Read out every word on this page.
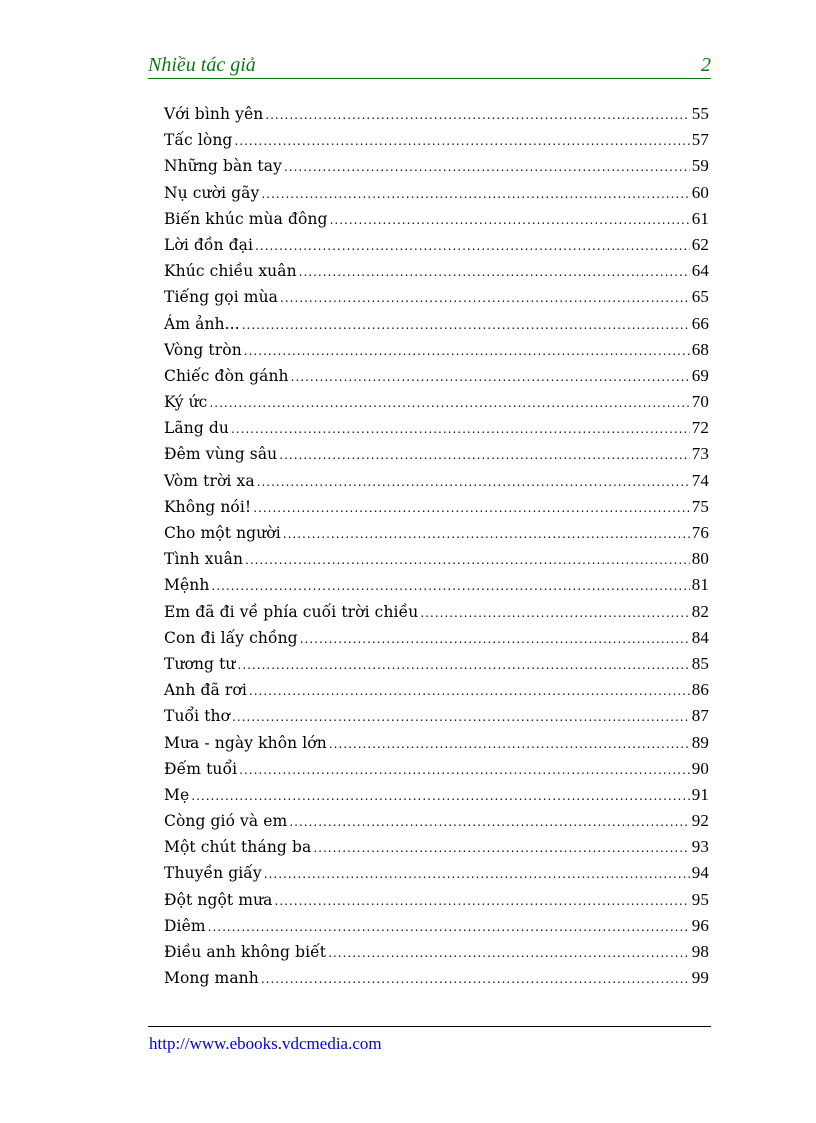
Nhiều tác giả	2
Với bình yên .....	55
Tấc lòng .....	57
Những bàn tay .....	59
Nụ cười gãy .....	60
Biến khúc mùa đông .....	61
Lời đồn đại .....	62
Khúc chiều xuân .....	64
Tiếng gọi mùa .....	65
Ám ảnh... .....	66
Vòng tròn .....	68
Chiếc đòn gánh .....	69
Ký ức .....	70
Lãng du .....	72
Đêm vùng sâu .....	73
Vòm trời xa .....	74
Không nói! .....	75
Cho một người .....	76
Tình xuân .....	80
Mệnh .....	81
Em đã đi về phía cuối trời chiều .....	82
Con đi lấy chồng .....	84
Tương tư .....	85
Anh đã rơi .....	86
Tuổi thơ .....	87
Mưa - ngày khôn lớn .....	89
Đếm tuổi .....	90
Mẹ .....	91
Còng gió và em .....	92
Một chút tháng ba .....	93
Thuyền giấy .....	94
Đột ngột mưa .....	95
Diêm .....	96
Điều anh không biết .....	98
Mong manh .....	99
http://www.ebooks.vdcmedia.com
